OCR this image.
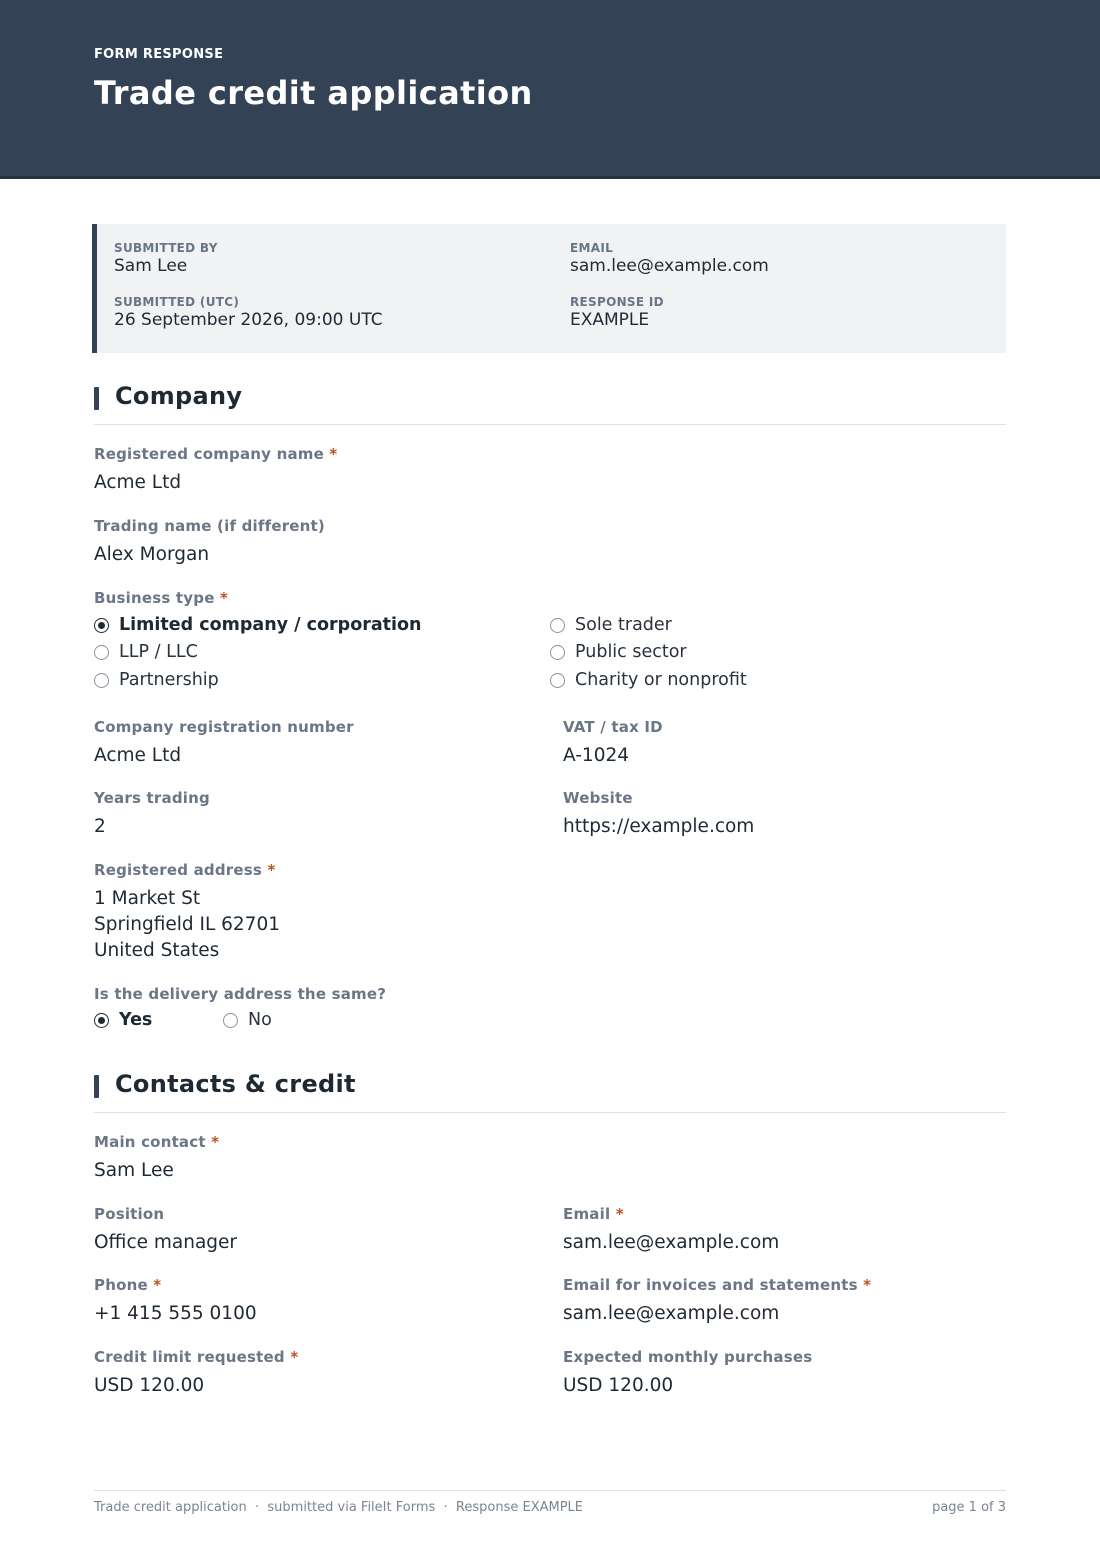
FORM RESPONSE
Trade credit application
SUBMITTED BY
Sam Lee
EMAIL
sam.lee@example.com
SUBMITTED (UTC)
26 September 2026, 09:00 UTC
RESPONSE ID
EXAMPLE
Company
Registered company name *
Acme Ltd
Trading name (if different)
Alex Morgan
Business type *
Limited company / corporation
LLP / LLC
Partnership
Sole trader
Public sector
Charity or nonprofit
Company registration number
Acme Ltd
VAT / tax ID
A-1024
Years trading
2
Website
https://example.com
Registered address *
1 Market St
Springfield IL 62701
United States
Is the delivery address the same?
Yes	No
Contacts & credit
Main contact *
Sam Lee
Position
Office manager
Email *
sam.lee@example.com
Phone *
+1 415 555 0100
Email for invoices and statements *
sam.lee@example.com
Credit limit requested *
USD 120.00
Expected monthly purchases
USD 120.00
Trade credit application  ·  submitted via FileIt Forms  ·  Response EXAMPLE	page 1 of 3
